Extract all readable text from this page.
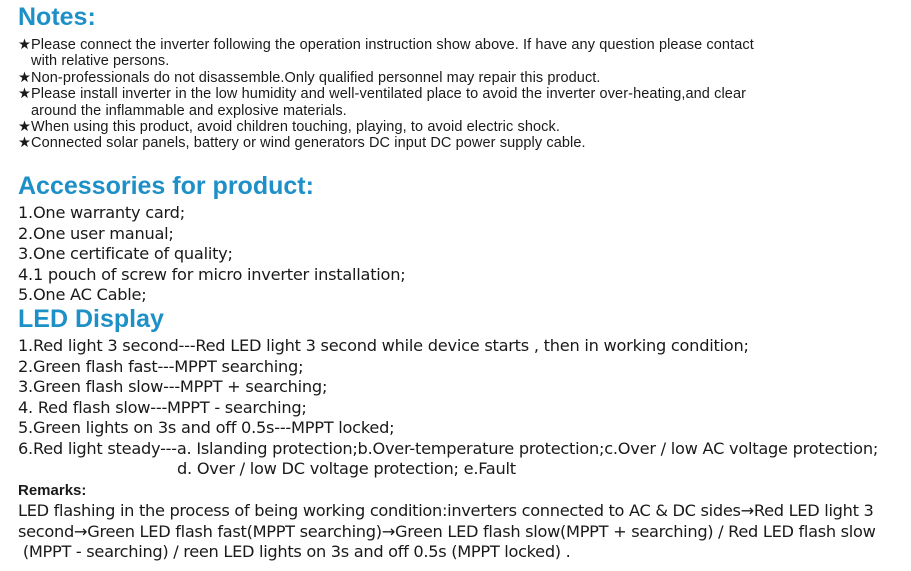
Notes:
★ Please connect the inverter following the operation instruction show above. If have any question please contact
with relative persons.
★ Non-professionals do not disassemble.Only qualified personnel may repair this product.
★ Please install inverter in the low humidity and well-ventilated place to avoid the inverter over-heating,and clear
around the inflammable and explosive materials.
★ When using this product, avoid children touching, playing, to avoid electric shock.
★ Connected solar panels, battery or wind generators DC input DC power supply cable.
Accessories for product:
1.One warranty card;
2.One user manual;
3.One certificate of quality;
4.1 pouch of screw for micro inverter installation;
5.One AC Cable;
LED Display
1.Red light 3 second---Red LED light 3 second while device starts , then in working condition;
2.Green flash fast---MPPT searching;
3.Green flash slow---MPPT + searching;
4. Red flash slow---MPPT - searching;
5.Green lights on 3s and off 0.5s---MPPT locked;
6.Red light steady---a. Islanding protection;b.Over-temperature protection;c.Over / low AC voltage protection;
d. Over / low DC voltage protection; e.Fault
Remarks:
LED flashing in the process of being working condition:inverters connected to AC & DC sides→Red LED light 3
second→Green LED flash fast(MPPT searching)→Green LED flash slow(MPPT + searching) / Red LED flash slow
(MPPT - searching) / reen LED lights on 3s and off 0.5s (MPPT locked) .
